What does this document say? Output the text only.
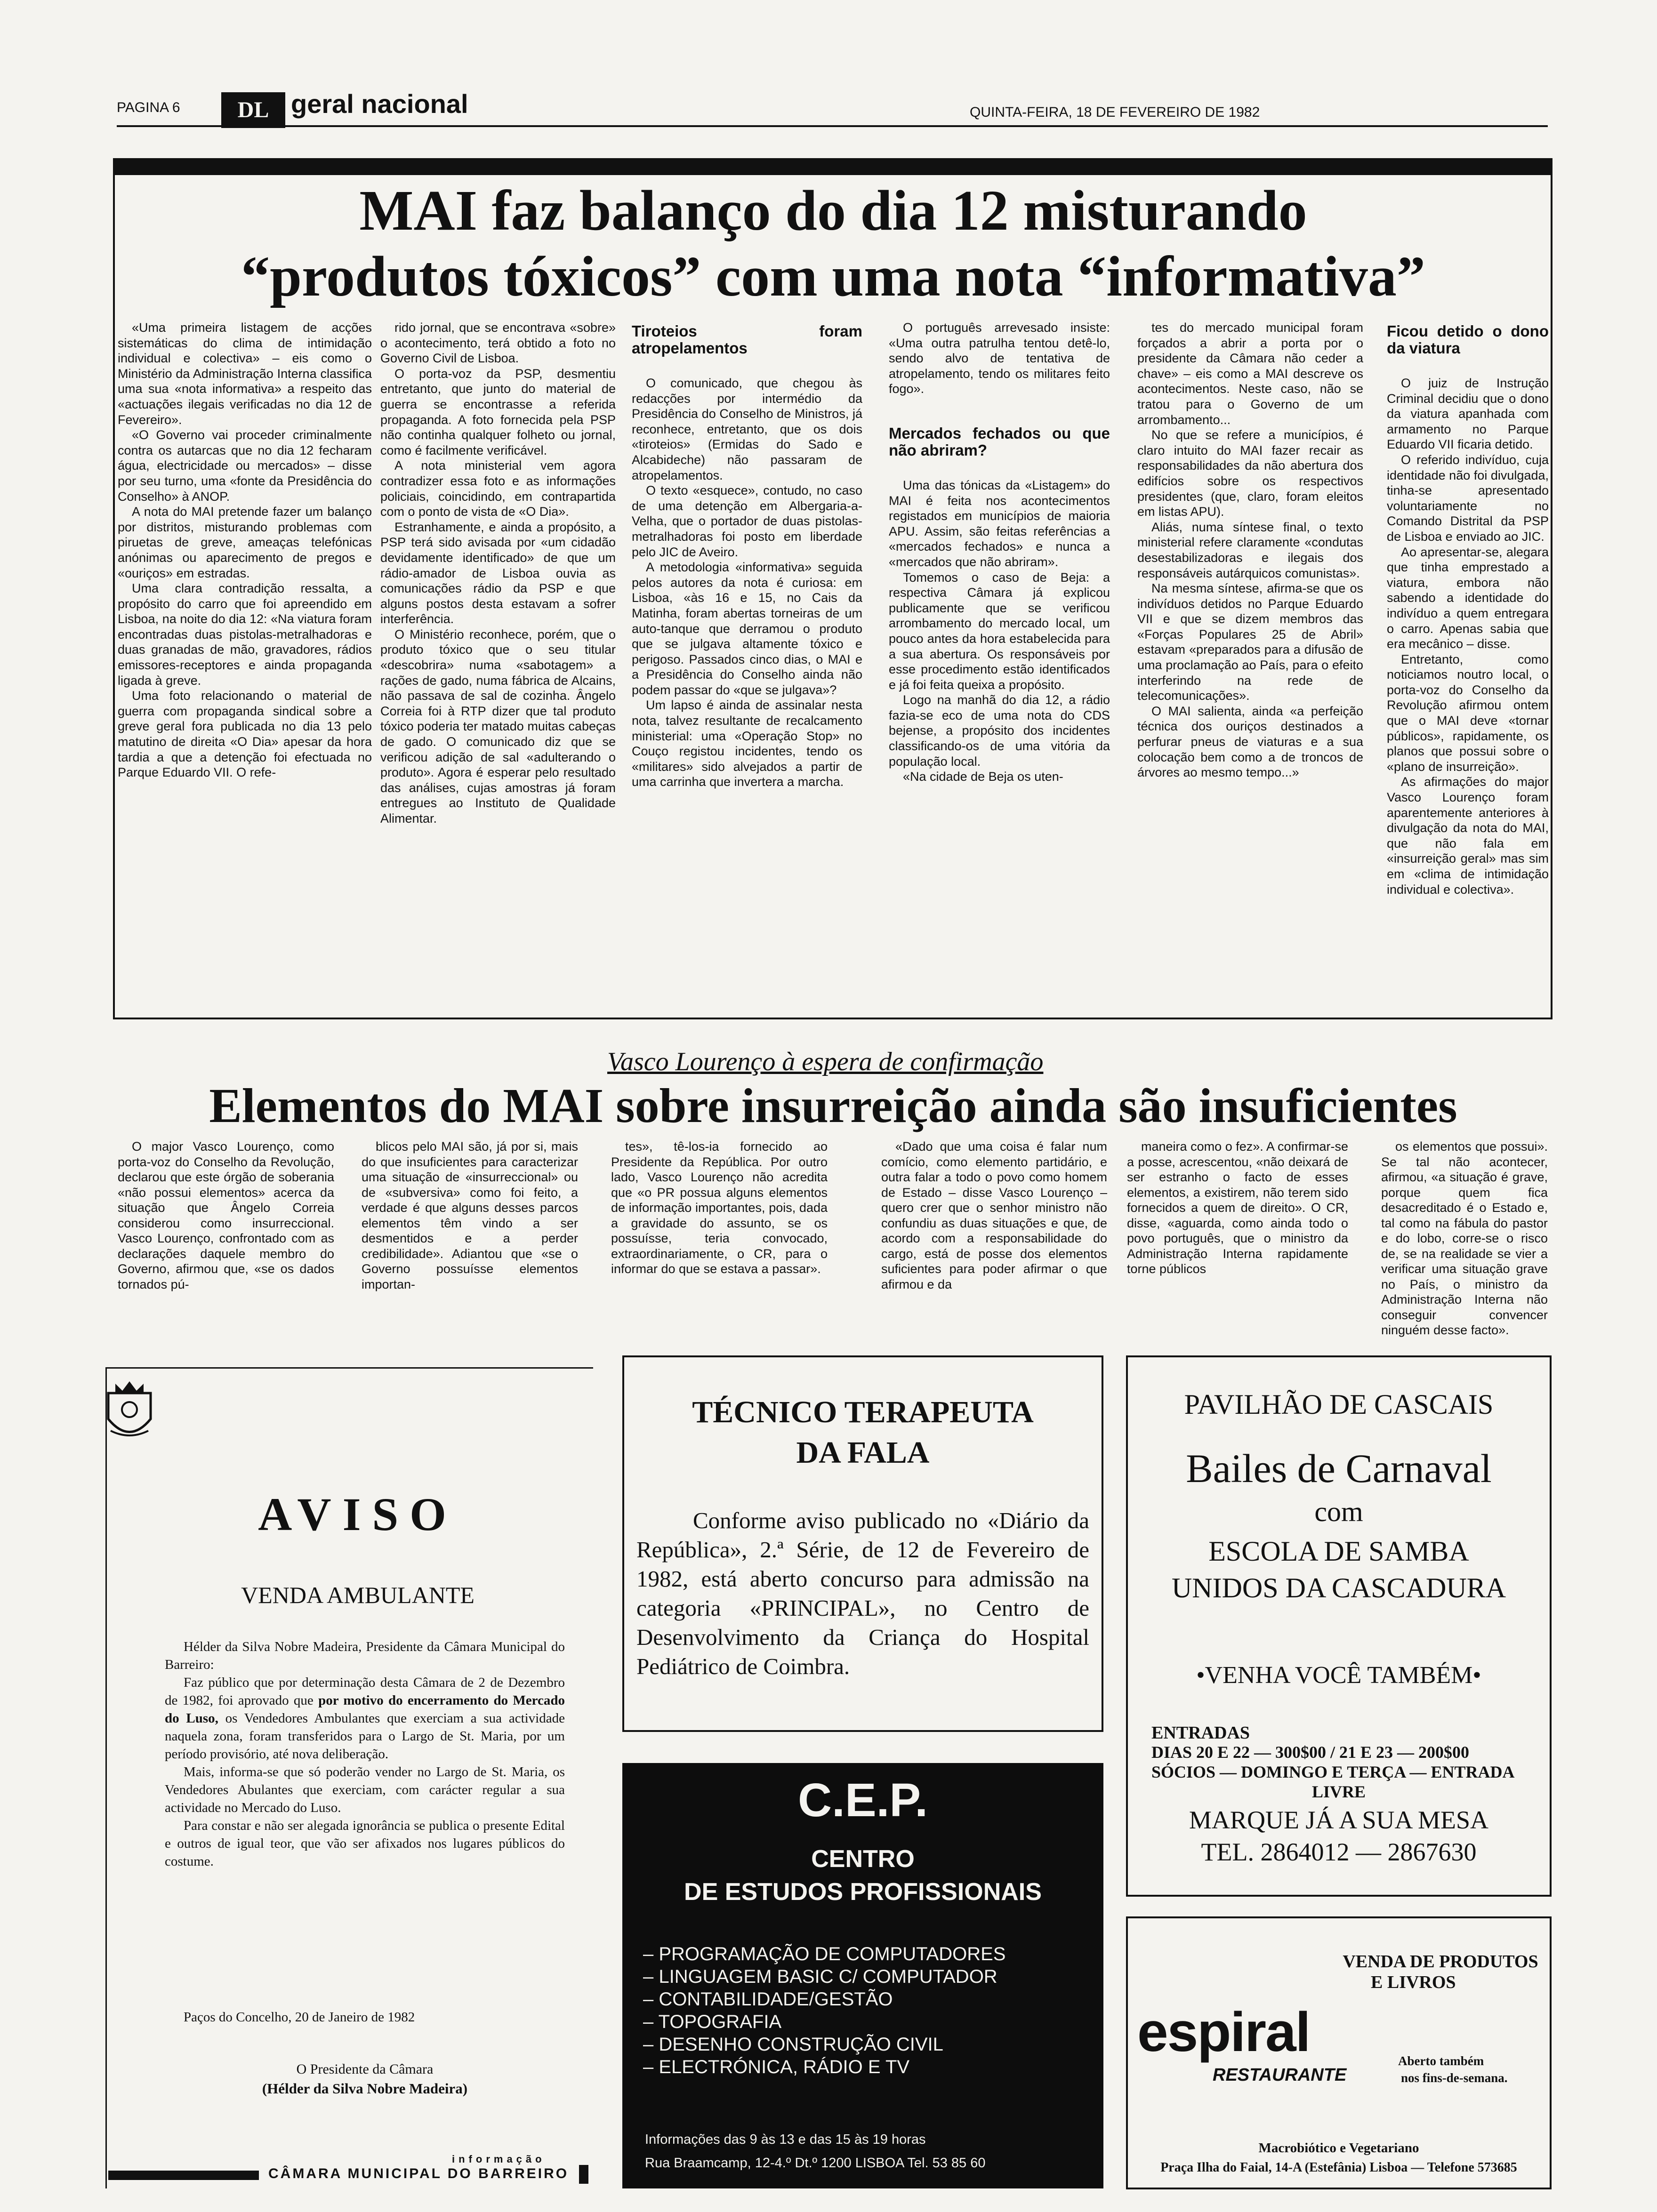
PAGINA 6	DL geral nacional	QUINTA-FEIRA, 18 DE FEVEREIRO DE 1982
MAI faz balanço do dia 12 misturando
“produtos tóxicos” com uma nota “informativa”

«Uma primeira listagem de acções sistemáticas do clima de intimidação individual e colectiva» – eis como o Ministério da Administração Interna classifica uma sua «nota informativa» a respeito das «actuações ilegais verificadas no dia 12 de Fevereiro».

«O Governo vai proceder criminalmente contra os autarcas que no dia 12 fecharam água, electricidade ou mercados» – disse por seu turno, uma «fonte da Presidência do Conselho» à ANOP.

A nota do MAI pretende fazer um balanço por distritos, misturando problemas com piruetas de greve, ameaças telefónicas anónimas ou aparecimento de pregos e «ouriços» em estradas.

Uma clara contradição ressalta, a propósito do carro que foi apreendido em Lisboa, na noite do dia 12: «Na viatura foram encontradas duas pistolas-metralhadoras e duas granadas de mão, gravadores, rádios emissores-receptores e ainda propaganda ligada à greve.

Uma foto relacionando o material de guerra com propaganda sindical sobre a greve geral fora publicada no dia 13 pelo matutino de direita «O Dia» apesar da hora tardia a que a detenção foi efectuada no Parque Eduardo VII. O refe-

rido jornal, que se encontrava «sobre» o acontecimento, terá obtido a foto no Governo Civil de Lisboa.

O porta-voz da PSP, desmentiu entretanto, que junto do material de guerra se encontrasse a referida propaganda. A foto fornecida pela PSP não continha qualquer folheto ou jornal, como é facilmente verificável.

A nota ministerial vem agora contradizer essa foto e as informações policiais, coincidindo, em contrapartida com o ponto de vista de «O Dia».

Estranhamente, e ainda a propósito, a PSP terá sido avisada por «um cidadão devidamente identificado» de que um rádio-amador de Lisboa ouvia as comunicações rádio da PSP e que alguns postos desta estavam a sofrer interferência.

O Ministério reconhece, porém, que o produto tóxico que o seu titular «descobrira» numa «sabotagem» a rações de gado, numa fábrica de Alcains, não passava de sal de cozinha. Ângelo Correia foi à RTP dizer que tal produto tóxico poderia ter matado muitas cabeças de gado. O comunicado diz que se verificou adição de sal «adulterando o produto». Agora é esperar pelo resultado das análises, cujas amostras já foram entregues ao Instituto de Qualidade Alimentar.

Tiroteios foram atropelamentos

O comunicado, que chegou às redacções por intermédio da Presidência do Conselho de Ministros, já reconhece, entretanto, que os dois «tiroteios» (Ermidas do Sado e Alcabideche) não passaram de atropelamentos.

O texto «esquece», contudo, no caso de uma detenção em Albergaria-a-Velha, que o portador de duas pistolas-metralhadoras foi posto em liberdade pelo JIC de Aveiro.

A metodologia «informativa» seguida pelos autores da nota é curiosa: em Lisboa, «às 16 e 15, no Cais da Matinha, foram abertas torneiras de um auto-tanque que derramou o produto que se julgava altamente tóxico e perigoso. Passados cinco dias, o MAI e a Presidência do Conselho ainda não podem passar do «que se julgava»?

Um lapso é ainda de assinalar nesta nota, talvez resultante de recalcamento ministerial: uma «Operação Stop» no Couço registou incidentes, tendo os «militares» sido alvejados a partir de uma carrinha que invertera a marcha.

O português arrevesado insiste: «Uma outra patrulha tentou detê-lo, sendo alvo de tentativa de atropelamento, tendo os militares feito fogo».

Mercados fechados ou que não abriram?

Uma das tónicas da «Listagem» do MAI é feita nos acontecimentos registados em municípios de maioria APU. Assim, são feitas referências a «mercados fechados» e nunca a «mercados que não abriram».

Tomemos o caso de Beja: a respectiva Câmara já explicou publicamente que se verificou arrombamento do mercado local, um pouco antes da hora estabelecida para a sua abertura. Os responsáveis por esse procedimento estão identificados e já foi feita queixa a propósito.

Logo na manhã do dia 12, a rádio fazia-se eco de uma nota do CDS bejense, a propósito dos incidentes classificando-os de uma vitória da população local.

«Na cidade de Beja os uten-

tes do mercado municipal foram forçados a abrir a porta por o presidente da Câmara não ceder a chave» – eis como a MAI descreve os acontecimentos. Neste caso, não se tratou para o Governo de um arrombamento...

No que se refere a municípios, é claro intuito do MAI fazer recair as responsabilidades da não abertura dos edifícios sobre os respectivos presidentes (que, claro, foram eleitos em listas APU).

Aliás, numa síntese final, o texto ministerial refere claramente «condutas desestabilizadoras e ilegais dos responsáveis autárquicos comunistas».

Na mesma síntese, afirma-se que os indivíduos detidos no Parque Eduardo VII e que se dizem membros das «Forças Populares 25 de Abril» estavam «preparados para a difusão de uma proclamação ao País, para o efeito interferindo na rede de telecomunicações».

O MAI salienta, ainda «a perfeição técnica dos ouriços destinados a perfurar pneus de viaturas e a sua colocação bem como a de troncos de árvores ao mesmo tempo...»

Ficou detido o dono da viatura

O juiz de Instrução Criminal decidiu que o dono da viatura apanhada com armamento no Parque Eduardo VII ficaria detido.

O referido indivíduo, cuja identidade não foi divulgada, tinha-se apresentado voluntariamente no Comando Distrital da PSP de Lisboa e enviado ao JIC.

Ao apresentar-se, alegara que tinha emprestado a viatura, embora não sabendo a identidade do indivíduo a quem entregara o carro. Apenas sabia que era mecânico – disse.

Entretanto, como noticiamos noutro local, o porta-voz do Conselho da Revolução afirmou ontem que o MAI deve «tornar públicos», rapidamente, os planos que possui sobre o «plano de insurreição».

As afirmações do major Vasco Lourenço foram aparentemente anteriores à divulgação da nota do MAI, que não fala em «insurreição geral» mas sim em «clima de intimidação individual e colectiva».

Vasco Lourenço à espera de confirmação
Elementos do MAI sobre insurreição ainda são insuficientes

O major Vasco Lourenço, como porta-voz do Conselho da Revolução, declarou que este órgão de soberania «não possui elementos» acerca da situação que Ângelo Correia considerou como insurreccional. Vasco Lourenço, confrontado com as declarações daquele membro do Governo, afirmou que, «se os dados tornados pú-

blicos pelo MAI são, já por si, mais do que insuficientes para caracterizar uma situação de «insurreccional» ou de «subversiva» como foi feito, a verdade é que alguns desses parcos elementos têm vindo a ser desmentidos e a perder credibilidade». Adiantou que «se o Governo possuísse elementos importan-

tes», tê-los-ia fornecido ao Presidente da República. Por outro lado, Vasco Lourenço não acredita que «o PR possua alguns elementos de informação importantes, pois, dada a gravidade do assunto, se os possuísse, teria convocado, extraordinariamente, o CR, para o informar do que se estava a passar».

«Dado que uma coisa é falar num comício, como elemento partidário, e outra falar a todo o povo como homem de Estado – disse Vasco Lourenço – quero crer que o senhor ministro não confundiu as duas situações e que, de acordo com a responsabilidade do cargo, está de posse dos elementos suficientes para poder afirmar o que afirmou e da

maneira como o fez». A confirmar-se a posse, acrescentou, «não deixará de ser estranho o facto de esses elementos, a existirem, não terem sido fornecidos a quem de direito». O CR, disse, «aguarda, como ainda todo o povo português, que o ministro da Administração Interna rapidamente torne públicos

os elementos que possui». Se tal não acontecer, afirmou, «a situação é grave, porque quem fica desacreditado é o Estado e, tal como na fábula do pastor e do lobo, corre-se o risco de, se na realidade se vier a verificar uma situação grave no País, o ministro da Administração Interna não conseguir convencer ninguém desse facto».

AVISO
VENDA AMBULANTE

Hélder da Silva Nobre Madeira, Presidente da Câmara Municipal do Barreiro:

Faz público que por determinação desta Câmara de 2 de Dezembro de 1982, foi aprovado que por motivo do encerramento do Mercado do Luso, os Vendedores Ambulantes que exerciam a sua actividade naquela zona, foram transferidos para o Largo de St. Maria, por um período provisório, até nova deliberação.

Mais, informa-se que só poderão vender no Largo de St. Maria, os Vendedores Abulantes que exerciam, com carácter regular a sua actividade no Mercado do Luso.

Para constar e não ser alegada ignorância se publica o presente Edital e outros de igual teor, que vão ser afixados nos lugares públicos do costume.

Paços do Concelho, 20 de Janeiro de 1982
O Presidente da Câmara
(Hélder da Silva Nobre Madeira)
informação
CÂMARA MUNICIPAL DO BARREIRO
TÉCNICO TERAPEUTA
DA FALA
Conforme aviso publicado no «Diário da República», 2.ª Série, de 12 de Fevereiro de 1982, está aberto concurso para admissão na categoria «PRINCIPAL», no Centro de Desenvolvimento da Criança do Hospital Pediátrico de Coimbra.
C.E.P.
CENTRO
DE ESTUDOS PROFISSIONAIS
– PROGRAMAÇÃO DE COMPUTADORES
– LINGUAGEM BASIC C/ COMPUTADOR
– CONTABILIDADE/GESTÃO
– TOPOGRAFIA
– DESENHO CONSTRUÇÃO CIVIL
– ELECTRÓNICA, RÁDIO E TV
Informações das 9 às 13 e das 15 às 19 horas
Rua Braamcamp, 12-4.º Dt.º 1200 LISBOA Tel. 53 85 60
PAVILHÃO DE CASCAIS
Bailes de Carnaval
com
ESCOLA DE SAMBA
UNIDOS DA CASCADURA
•VENHA VOCÊ TAMBÉM•
ENTRADAS
DIAS 20 E 22 — 300$00 / 21 E 23 — 200$00
SÓCIOS — DOMINGO E TERÇA — ENTRADA
LIVRE
MARQUE JÁ A SUA MESA
TEL. 2864012 — 2867630
VENDA DE PRODUTOS
E LIVROS
espiral
RESTAURANTE
Aberto também
nos fins-de-semana.
Macrobiótico e Vegetariano
Praça Ilha do Faial, 14-A (Estefânia) Lisboa — Telefone 573685
